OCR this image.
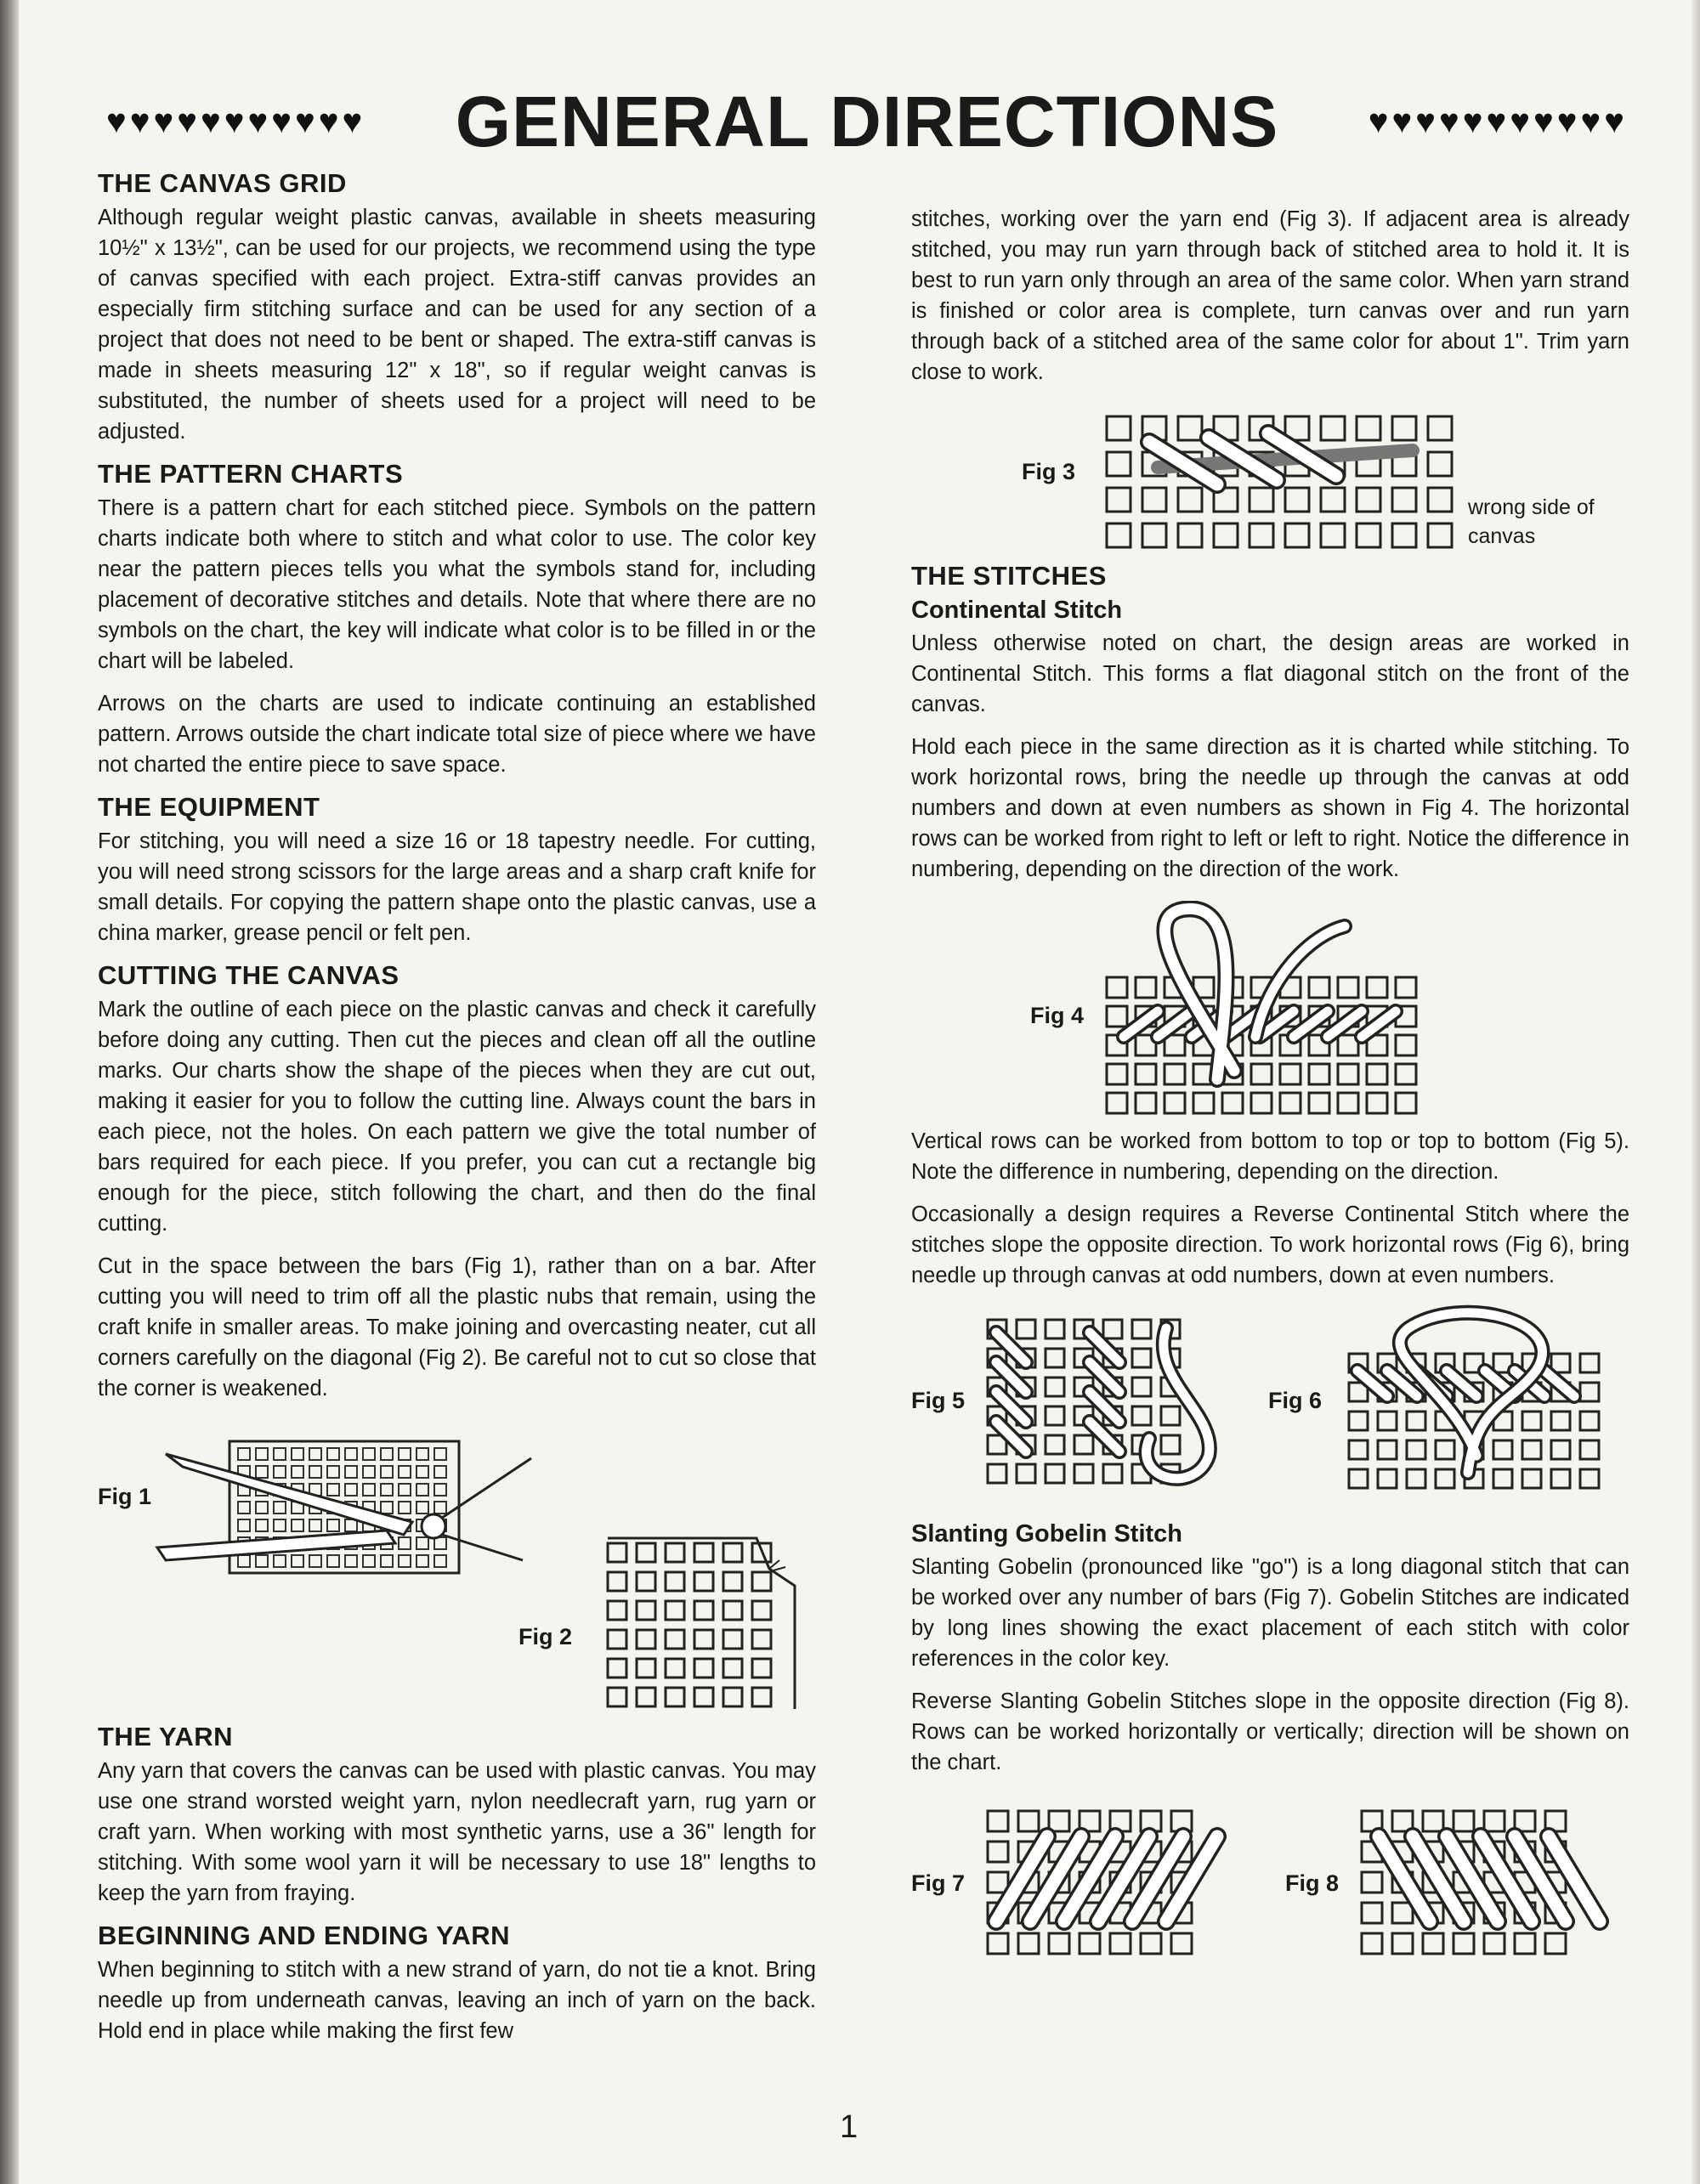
♥♥♥♥♥♥♥♥♥♥♥ GENERAL DIRECTIONS	♥♥♥♥♥♥♥♥♥♥♥
THE CANVAS GRID

Although regular weight plastic canvas, available in sheets measuring 10½" x 13½", can be used for our projects, we recommend using the type of canvas specified with each project. Extra-stiff canvas provides an especially firm stitching surface and can be used for any section of a project that does not need to be bent or shaped. The extra-stiff canvas is made in sheets measuring 12" x 18", so if regular weight canvas is substituted, the number of sheets used for a project will need to be adjusted.

THE PATTERN CHARTS

There is a pattern chart for each stitched piece. Symbols on the pattern charts indicate both where to stitch and what color to use. The color key near the pattern pieces tells you what the symbols stand for, including placement of decorative stitches and details. Note that where there are no symbols on the chart, the key will indicate what color is to be filled in or the chart will be labeled.

Arrows on the charts are used to indicate continuing an established pattern. Arrows outside the chart indicate total size of piece where we have not charted the entire piece to save space.

THE EQUIPMENT

For stitching, you will need a size 16 or 18 tapestry needle. For cutting, you will need strong scissors for the large areas and a sharp craft knife for small details. For copying the pattern shape onto the plastic canvas, use a china marker, grease pencil or felt pen.

CUTTING THE CANVAS

Mark the outline of each piece on the plastic canvas and check it carefully before doing any cutting. Then cut the pieces and clean off all the outline marks. Our charts show the shape of the pieces when they are cut out, making it easier for you to follow the cutting line. Always count the bars in each piece, not the holes. On each pattern we give the total number of bars required for each piece. If you prefer, you can cut a rectangle big enough for the piece, stitch following the chart, and then do the final cutting.

Cut in the space between the bars (Fig 1), rather than on a bar. After cutting you will need to trim off all the plastic nubs that remain, using the craft knife in smaller areas. To make joining and overcasting neater, cut all corners carefully on the diagonal (Fig 2). Be careful not to cut so close that the corner is weakened.

Fig 1
Fig 2
THE YARN

Any yarn that covers the canvas can be used with plastic canvas. You may use one strand worsted weight yarn, nylon needlecraft yarn, rug yarn or craft yarn. When working with most synthetic yarns, use a 36" length for stitching. With some wool yarn it will be necessary to use 18" lengths to keep the yarn from fraying.

BEGINNING AND ENDING YARN

When beginning to stitch with a new strand of yarn, do not tie a knot. Bring needle up from underneath canvas, leaving an inch of yarn on the back. Hold end in place while making the first few

stitches, working over the yarn end (Fig 3). If adjacent area is already stitched, you may run yarn through back of stitched area to hold it. It is best to run yarn only through an area of the same color. When yarn strand is finished or color area is complete, turn canvas over and run yarn through back of a stitched area of the same color for about 1". Trim yarn close to work.

Fig 3
wrong side of canvas
THE STITCHES
Continental Stitch

Unless otherwise noted on chart, the design areas are worked in Continental Stitch. This forms a flat diagonal stitch on the front of the canvas.

Hold each piece in the same direction as it is charted while stitching. To work horizontal rows, bring the needle up through the canvas at odd numbers and down at even numbers as shown in Fig 4. The horizontal rows can be worked from right to left or left to right. Notice the difference in numbering, depending on the direction of the work.

Fig 4

Vertical rows can be worked from bottom to top or top to bottom (Fig 5). Note the difference in numbering, depending on the direction.

Occasionally a design requires a Reverse Continental Stitch where the stitches slope the opposite direction. To work horizontal rows (Fig 6), bring needle up through canvas at odd numbers, down at even numbers.

Fig 5	Fig 6
Slanting Gobelin Stitch

Slanting Gobelin (pronounced like "go") is a long diagonal stitch that can be worked over any number of bars (Fig 7). Gobelin Stitches are indicated by long lines showing the exact placement of each stitch with color references in the color key.

Reverse Slanting Gobelin Stitches slope in the opposite direction (Fig 8). Rows can be worked horizontally or vertically; direction will be shown on the chart.

Fig 7	Fig 8
1
